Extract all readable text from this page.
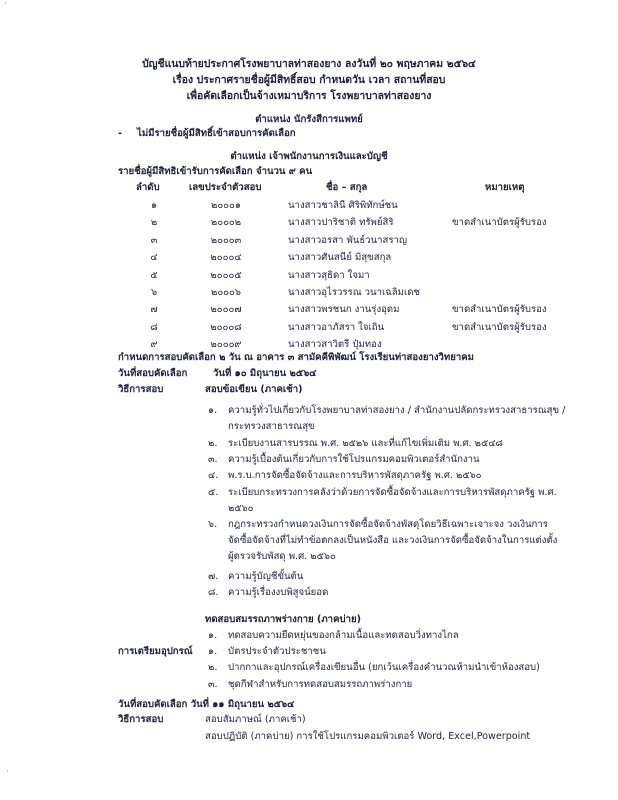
ʹ
ʹ
บัญชีแนบท้ายประกาศโรงพยาบาลท่าสองยาง ลงวันที่ ๒๐ พฤษภาคม ๒๕๖๔
เรื่อง ประกาศรายชื่อผู้มีสิทธิ์สอบ กำหนดวัน เวลา สถานที่สอบ
เพื่อคัดเลือกเป็นจ้างเหมาบริการ โรงพยาบาลท่าสองยาง
ตำแหน่ง นักรังสีการแพทย์
- ไม่มีรายชื่อผู้มีสิทธิ์เข้าสอบการคัดเลือก
ตำแหน่ง เจ้าพนักงานการเงินและบัญชี
รายชื่อผู้มีสิทธิเข้ารับการคัดเลือก จำนวน ๙ คน
ลำดับ	เลขประจำตัวสอบ	ชื่อ – สกุล	หมายเหตุ
๑	๒๐๐๐๑	นางสาวชาลินี ศิริพิทักษ์ชน
๒	๒๐๐๐๒	นางสาวปาริชาติ ทรัพย์สิริ	ขาดสำเนาบัตรผู้รับรอง
๓	๒๐๐๐๓	นางสาวอรสา พันธ์วนาสราญ
๔	๒๐๐๐๔	นางสาวศันสนีย์ มิสุขสกุล
๕	๒๐๐๐๕	นางสาวสุธิดา ใจมา
๖	๒๐๐๐๖	นางสาวอุไรวรรณ วนาเฉลิมเดช
๗	๒๐๐๐๗	นางสาวพรชนก งานรุ่งอุดม	ขาดสำเนาบัตรผู้รับรอง
๘	๒๐๐๐๘	นางสาวอาภัสรา ใจเถิน	ขาดสำเนาบัตรผู้รับรอง
๙	๒๐๐๐๙	นางสาวสาวิตรี ปุ๋มทอง
กำหนดการสอบคัดเลือก ๒ วัน ณ อาคาร ๓ สามัคคีพิพัฒน์ โรงเรียนท่าสองยางวิทยาคม
วันที่สอบคัดเลือก	วันที่ ๑๐ มิถุนายน ๒๕๖๔
วิธีการสอบ	สอบข้อเขียน (ภาคเช้า)
๑. ความรู้ทั่วไปเกี่ยวกับโรงพยาบาลท่าสองยาง / สำนักงานปลัดกระทรวงสาธารณสุข /
กระทรวงสาธารณสุข
๒. ระเบียบงานสารบรรณ พ.ศ. ๒๕๒๖ และที่แก้ไขเพิ่มเติม พ.ศ. ๒๕๔๘
๓. ความรู้เบื้องต้นเกี่ยวกับการใช้โปรแกรมคอมพิวเตอร์สำนักงาน
๔. พ.ร.บ.การจัดซื้อจัดจ้างและการบริหารพัสดุภาครัฐ พ.ศ. ๒๕๖๐
๕. ระเบียบกระทรวงการคลังว่าด้วยการจัดซื้อจัดจ้างและการบริหารพัสดุภาครัฐ พ.ศ.
๒๕๖๐
๖. กฎกระทรวงกำหนดวงเงินการจัดซื้อจัดจ้างพัสดุโดยวิธีเฉพาะเจาะจง วงเงินการ
จัดซื้อจัดจ้างที่ไม่ทำข้อตกลงเป็นหนังสือ และวงเงินการจัดซื้อจัดจ้างในการแต่งตั้ง
ผู้ตรวจรับพัสดุ พ.ศ. ๒๕๖๐
๗. ความรู้บัญชีขั้นต้น
๘. ความรู้เรื่องงบพิสูจน์ยอด
ทดสอบสมรรถภาพร่างกาย (ภาคบ่าย)
๑. ทดสอบความยืดหยุ่นของกล้ามเนื้อและทดสอบวิ่งทางไกล
การเตรียมอุปกรณ์ ๑. บัตรประจำตัวประชาชน
๒. ปากกาและอุปกรณ์เครื่องเขียนอื่น (ยกเว้นเครื่องคำนวณห้ามนำเข้าห้องสอบ)
๓. ชุดกีฬาสำหรับการทดสอบสมรรถภาพร่างกาย
วันที่สอบคัดเลือก วันที่ ๑๑ มิถุนายน ๒๕๖๔
วิธีการสอบ	สอบสัมภาษณ์ (ภาคเช้า)
สอบปฏิบัติ (ภาคบ่าย) การใช้โปรแกรมคอมพิวเตอร์ Word, Excel,Powerpoint
